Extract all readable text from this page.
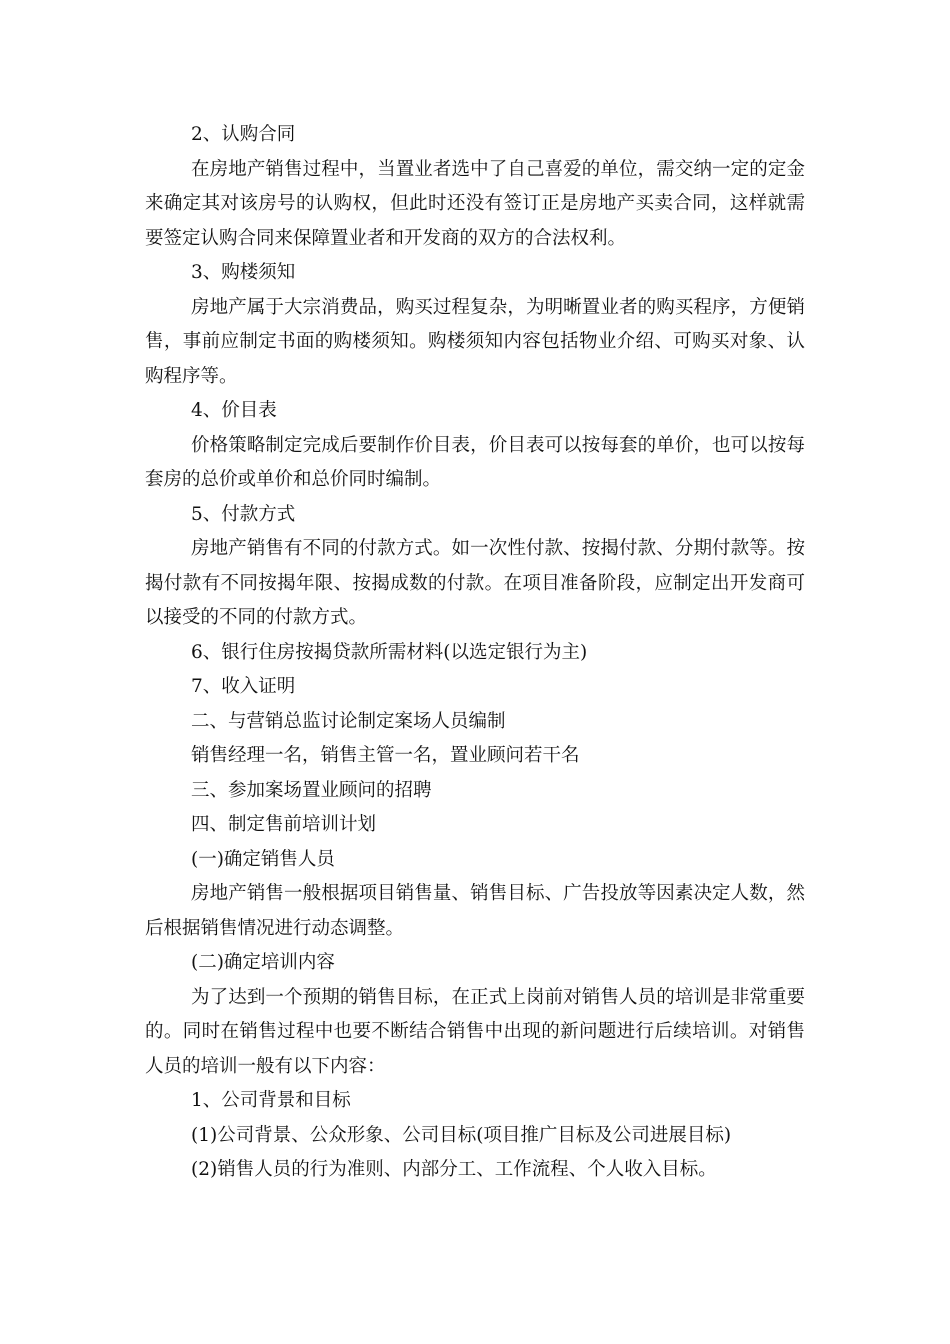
2、认购合同

在房地产销售过程中，当置业者选中了自己喜爱的单位，需交纳一定的定金来确定其对该房号的认购权，但此时还没有签订正是房地产买卖合同，这样就需要签定认购合同来保障置业者和开发商的双方的合法权利。

3、购楼须知

房地产属于大宗消费品，购买过程复杂，为明晰置业者的购买程序，方便销售，事前应制定书面的购楼须知。购楼须知内容包括物业介绍、可购买对象、认购程序等。

4、价目表

价格策略制定完成后要制作价目表，价目表可以按每套的单价，也可以按每套房的总价或单价和总价同时编制。

5、付款方式

房地产销售有不同的付款方式。如一次性付款、按揭付款、分期付款等。按揭付款有不同按揭年限、按揭成数的付款。在项目准备阶段，应制定出开发商可以接受的不同的付款方式。

6、银行住房按揭贷款所需材料(以选定银行为主)

7、收入证明

二、与营销总监讨论制定案场人员编制

销售经理一名，销售主管一名，置业顾问若干名

三、参加案场置业顾问的招聘

四、制定售前培训计划

(一)确定销售人员

房地产销售一般根据项目销售量、销售目标、广告投放等因素决定人数，然后根据销售情况进行动态调整。

(二)确定培训内容

为了达到一个预期的销售目标，在正式上岗前对销售人员的培训是非常重要的。同时在销售过程中也要不断结合销售中出现的新问题进行后续培训。对销售人员的培训一般有以下内容：

1、公司背景和目标

(1)公司背景、公众形象、公司目标(项目推广目标及公司进展目标)

(2)销售人员的行为准则、内部分工、工作流程、个人收入目标。
